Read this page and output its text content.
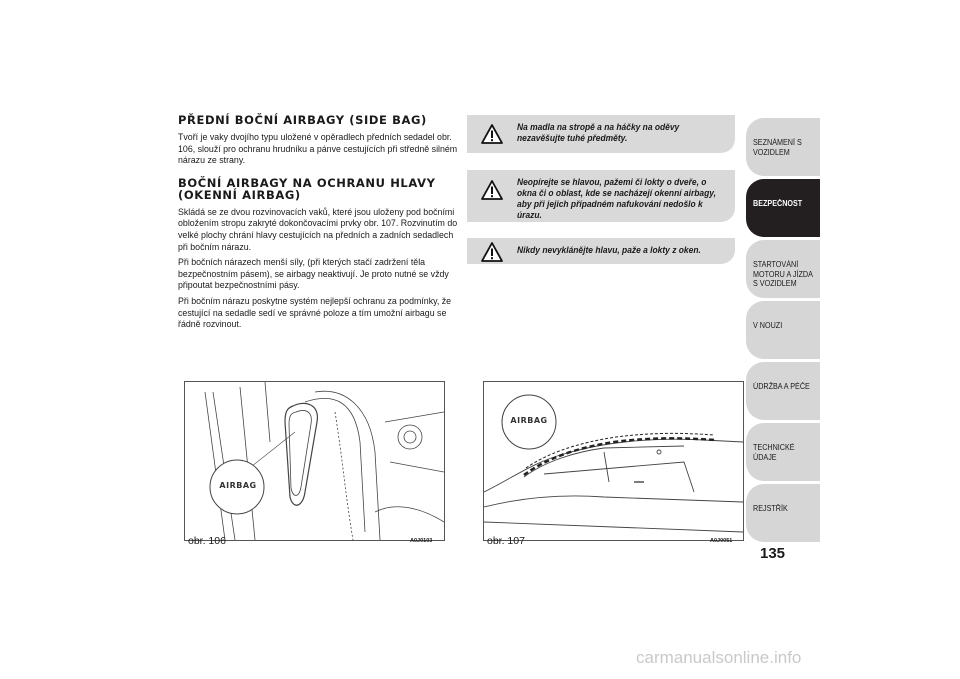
PŘEDNÍ BOČNÍ AIRBAGY (SIDE BAG)

Tvoří je vaky dvojího typu uložené v opěradlech předních sedadel obr. 106, slouží pro ochranu hrudníku a pánve cestujících při středně silném nárazu ze strany.

BOČNÍ AIRBAGY NA OCHRANU HLAVY (OKENNÍ AIRBAG)

Skládá se ze dvou rozvinovacích vaků, které jsou uloženy pod bočními obložením stropu zakryté dokončovacími prvky obr. 107. Rozvinutím do velké plochy chrání hlavy cestujících na předních a zadních sedadlech při bočním nárazu.

Při bočních nárazech menší síly, (při kterých stačí zadržení těla bezpečnostním pásem), se airbagy neaktivují. Je proto nutné se vždy připoutat bezpečnostními pásy.

Při bočním nárazu poskytne systém nejlepší ochranu za podmínky, že cestující na sedadle sedí ve správné poloze a tím umožní airbagu se řádně rozvinout.

Na madla na stropě a na háčky na oděvy nezavěšujte tuhé předměty.

Neopírejte se hlavou, pažemi či lokty o dveře, o okna či o oblast, kde se nacházejí okenní airbagy, aby při jejich případném nafukování nedošlo k úrazu.

Nikdy nevyklánějte hlavu, paže a lokty z oken.

AIRBAG
obr. 106	A0J0103
AIRBAG
obr. 107	A0J0051

SEZNÁMENÍ S VOZIDLEM

BEZPEČNOST

STARTOVÁNÍ MOTORU A JÍZDA S VOZIDLEM

V NOUZI

ÚDRŽBA A PÉČE

TECHNICKÉ ÚDAJE

REJSTŘÍK

135
carmanualsonline.info
